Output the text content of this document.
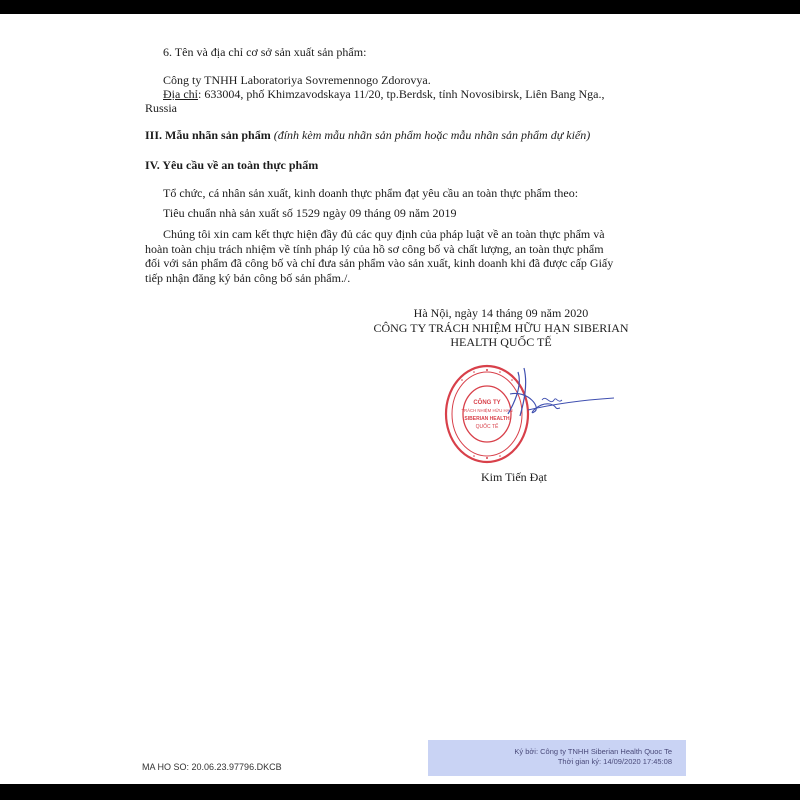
6. Tên và địa chỉ cơ sở sản xuất sản phẩm:

Công ty TNHH Laboratoriya Sovremennogo Zdorovya.

Địa chỉ: 633004, phố Khimzavodskaya 11/20, tp.Berdsk, tỉnh Novosibirsk, Liên Bang Nga.,

Russia

III. Mẫu nhãn sản phẩm (đính kèm mẫu nhãn sản phẩm hoặc mẫu nhãn sản phẩm dự kiến)

IV. Yêu cầu về an toàn thực phẩm

Tổ chức, cá nhân sản xuất, kinh doanh thực phẩm đạt yêu cầu an toàn thực phẩm theo:

Tiêu chuẩn nhà sản xuất số 1529 ngày 09 tháng 09 năm 2019

Chúng tôi xin cam kết thực hiện đầy đủ các quy định của pháp luật về an toàn thực phẩm và
hoàn toàn chịu trách nhiệm về tính pháp lý của hồ sơ công bố và chất lượng, an toàn thực phẩm
đối với sản phẩm đã công bố và chỉ đưa sản phẩm vào sản xuất, kinh doanh khi đã được cấp Giấy
tiếp nhận đăng ký bản công bố sản phẩm./.

Hà Nội, ngày 14 tháng 09 năm 2020

CÔNG TY TRÁCH NHIỆM HỮU HẠN SIBERIAN

HEALTH QUỐC TẾ

CÔNG TY
TRÁCH NHIỆM HỮU HẠN
SIBERIAN HEALTH
QUỐC TẾ

Kim Tiến Đạt

MA HO SO: 20.06.23.97796.DKCB
Ký bởi: Công ty TNHH Siberian Health Quoc Te
Thời gian ký: 14/09/2020 17:45:08
